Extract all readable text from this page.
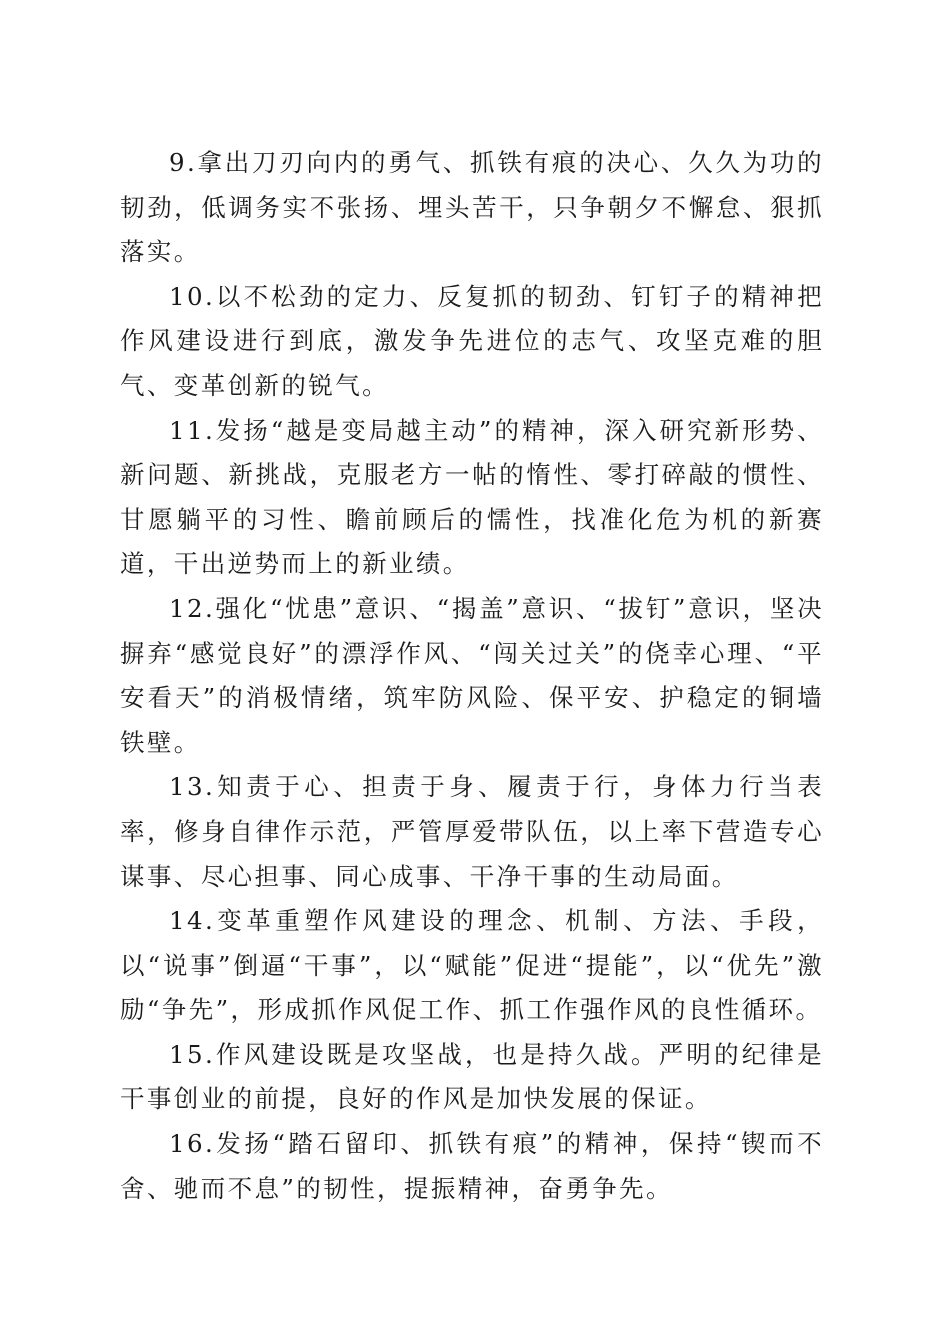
9.拿出刀刃向内的勇气、抓铁有痕的决心、久久为功的韧劲，低调务实不张扬、埋头苦干，只争朝夕不懈怠、狠抓落实。

10.以不松劲的定力、反复抓的韧劲、钉钉子的精神把作风建设进行到底，激发争先进位的志气、攻坚克难的胆气、变革创新的锐气。

11.发扬“越是变局越主动”的精神，深入研究新形势、新问题、新挑战，克服老方一帖的惰性、零打碎敲的惯性、甘愿躺平的习性、瞻前顾后的懦性，找准化危为机的新赛道，干出逆势而上的新业绩。

12.强化“忧患”意识、“揭盖”意识、“拔钉”意识，坚决摒弃“感觉良好”的漂浮作风、“闯关过关”的侥幸心理、“平安看天”的消极情绪，筑牢防风险、保平安、护稳定的铜墙铁壁。

13.知责于心、担责于身、履责于行，身体力行当表率，修身自律作示范，严管厚爱带队伍，以上率下营造专心谋事、尽心担事、同心成事、干净干事的生动局面。

14.变革重塑作风建设的理念、机制、方法、手段，以“说事”倒逼“干事”，以“赋能”促进“提能”，以“优先”激励“争先”，形成抓作风促工作、抓工作强作风的良性循环。

15.作风建设既是攻坚战，也是持久战。严明的纪律是干事创业的前提，良好的作风是加快发展的保证。

16.发扬“踏石留印、抓铁有痕”的精神，保持“锲而不舍、驰而不息”的韧性，提振精神，奋勇争先。
